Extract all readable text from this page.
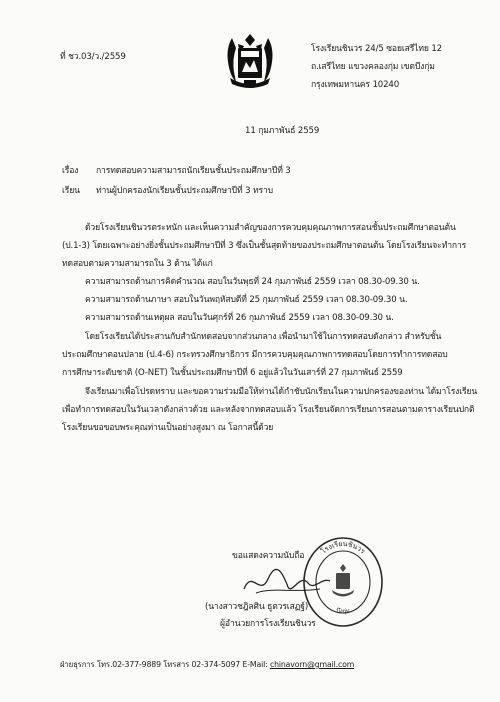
ที่ ชว.03/ว./2559
โรงเรียนชินวร 24/5 ซอยเสรีไทย 12
ถ.เสรีไทย แขวงคลองกุ่ม เขตบึงกุ่ม
กรุงเทพมหานคร 10240
11 กุมภาพันธ์ 2559
เรื่อง การทดสอบความสามารถนักเรียนชั้นประถมศึกษาปีที่ 3
เรียน ท่านผู้ปกครองนักเรียนชั้นประถมศึกษาปีที่ 3 ทราบ
ด้วยโรงเรียนชินวรตระหนัก และเห็นความสำคัญของการควบคุมคุณภาพการสอนชั้นประถมศึกษาตอนต้น
(ป.1-3) โดยเฉพาะอย่างยิ่งชั้นประถมศึกษาปีที่ 3 ซึ่งเป็นชั้นสุดท้ายของประถมศึกษาตอนต้น โดยโรงเรียนจะทำการ
ทดสอบตามความสามารถใน 3 ด้าน ได้แก่
ความสามารถด้านการคิดคำนวณ สอบในวันพุธที่ 24 กุมภาพันธ์ 2559 เวลา 08.30-09.30 น.
ความสามารถด้านภาษา สอบในวันพฤหัสบดีที่ 25 กุมภาพันธ์ 2559 เวลา 08.30-09.30 น.
ความสามารถด้านเหตุผล สอบในวันศุกร์ที่ 26 กุมภาพันธ์ 2559 เวลา 08.30-09.30 น.
โดยโรงเรียนได้ประสานกับสำนักทดสอบจากส่วนกลาง เพื่อนำมาใช้ในการทดสอบดังกล่าว สำหรับชั้น
ประถมศึกษาตอนปลาย (ป.4-6) กระทรวงศึกษาธิการ มีการควบคุมคุณภาพการทดสอบโดยการทำการทดสอบ
การศึกษาระดับชาติ (O-NET) ในชั้นประถมศึกษาปีที่ 6 อยู่แล้วในวันเสาร์ที่ 27 กุมภาพันธ์ 2559
จึงเรียนมาเพื่อโปรดทราบ และขอความร่วมมือให้ท่านได้กำชับนักเรียนในความปกครองของท่าน ได้มาโรงเรียน
เพื่อทำการทดสอบในวันเวลาดังกล่าวด้วย และหลังจากทดสอบแล้ว โรงเรียนจัดการเรียนการสอนตามตารางเรียนปกติ
โรงเรียนขอขอบพระคุณท่านเป็นอย่างสูงมา ณ โอกาสนี้ด้วย
โรงเรียนชินวร
บึงกุ่ม
ขอแสดงความนับถือ
(นางสาวชฎิลศิน ธูตวรเสฏฐ์)
ผู้อำนวยการโรงเรียนชินวร
ฝ่ายธุรการ โทร.02-377-9889 โทรสาร 02-374-5097 E-Mail: chinavorn@gmail.com
